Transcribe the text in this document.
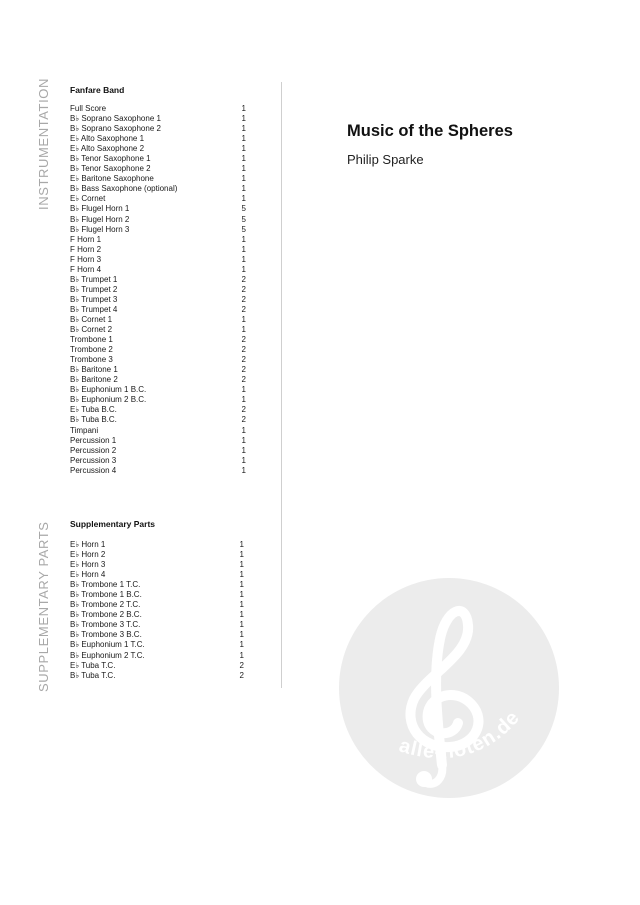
INSTRUMENTATION
SUPPLEMENTARY PARTS
Fanfare Band
Full Score	1
B♭ Soprano Saxophone 1	1
B♭ Soprano Saxophone 2	1
E♭ Alto Saxophone 1	1
E♭ Alto Saxophone 2	1
B♭ Tenor Saxophone 1	1
B♭ Tenor Saxophone 2	1
E♭ Baritone Saxophone	1
B♭ Bass Saxophone (optional)	1
E♭ Cornet	1
B♭ Flugel Horn 1	5
B♭ Flugel Horn 2	5
B♭ Flugel Horn 3	5
F Horn 1	1
F Horn 2	1
F Horn 3	1
F Horn 4	1
B♭ Trumpet 1	2
B♭ Trumpet 2	2
B♭ Trumpet 3	2
B♭ Trumpet 4	2
B♭ Cornet 1	1
B♭ Cornet 2	1
Trombone 1	2
Trombone 2	2
Trombone 3	2
B♭ Baritone 1	2
B♭ Baritone 2	2
B♭ Euphonium 1 B.C.	1
B♭ Euphonium 2 B.C.	1
E♭ Tuba B.C.	2
B♭ Tuba B.C.	2
Timpani	1
Percussion 1	1
Percussion 2	1
Percussion 3	1
Percussion 4	1
Supplementary Parts
E♭ Horn 1	1
E♭ Horn 2	1
E♭ Horn 3	1
E♭ Horn 4	1
B♭ Trombone 1 T.C.	1
B♭ Trombone 1 B.C.	1
B♭ Trombone 2 T.C.	1
B♭ Trombone 2 B.C.	1
B♭ Trombone 3 T.C.	1
B♭ Trombone 3 B.C.	1
B♭ Euphonium 1 T.C.	1
B♭ Euphonium 2 T.C.	1
E♭ Tuba T.C.	2
B♭ Tuba T.C.	2
Music of the Spheres
Philip Sparke
alle-noten.de
